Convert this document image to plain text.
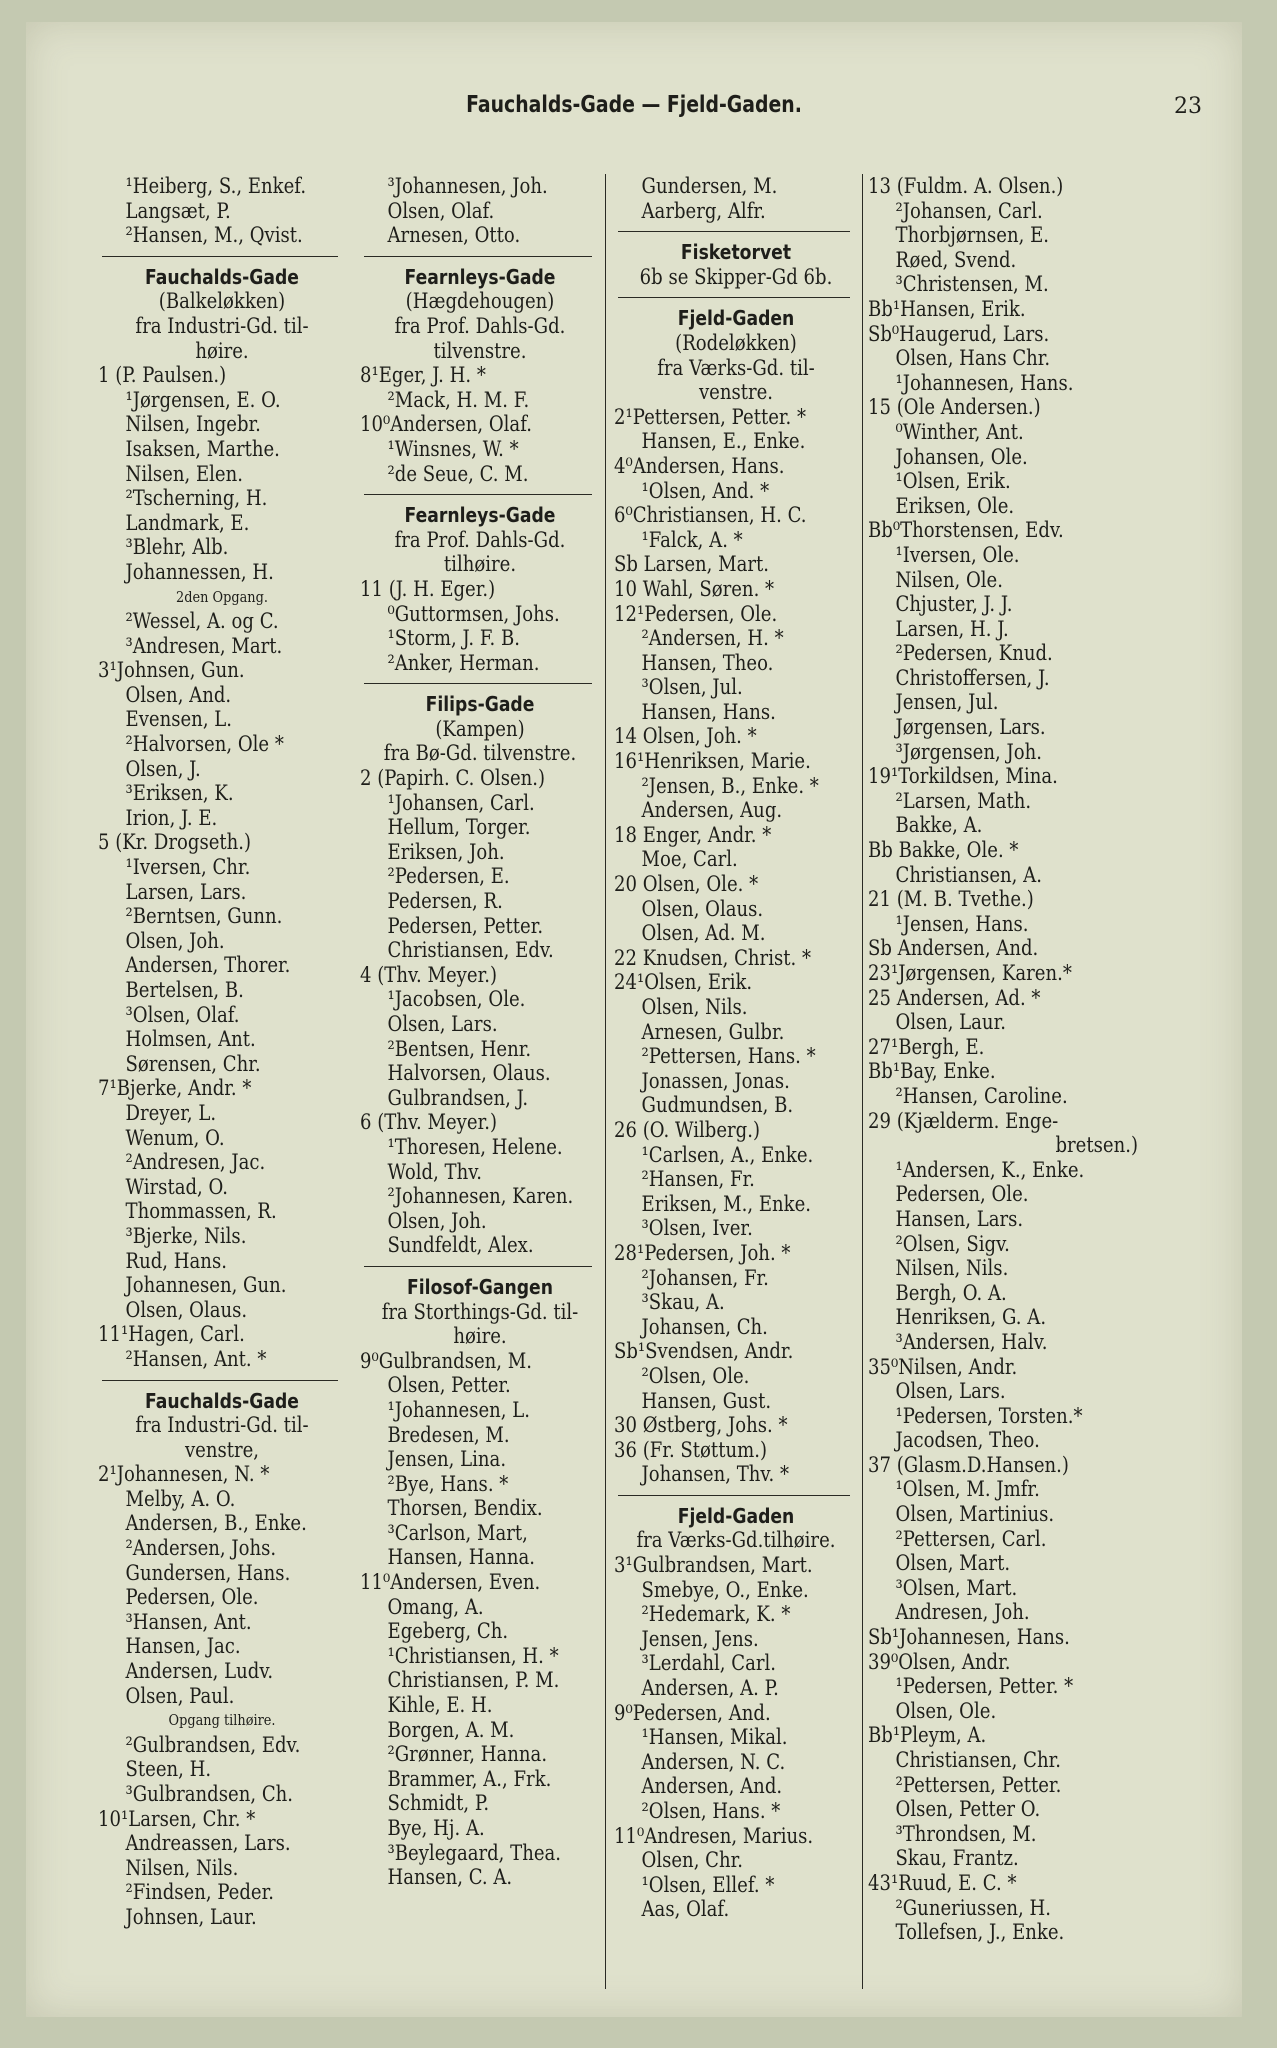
Fauchalds-Gade — Fjeld-Gaden.	23
¹Heiberg, S., Enkef.
Langsæt, P.
²Hansen, M., Qvist.
Fauchalds-Gade
(Balkeløkken)
fra Industri-Gd. til-
høire.
1 (P. Paulsen.)
¹Jørgensen, E. O.
Nilsen, Ingebr.
Isaksen, Marthe.
Nilsen, Elen.
²Tscherning, H.
Landmark, E.
³Blehr, Alb.
Johannessen, H.
2den Opgang.
²Wessel, A. og C.
³Andresen, Mart.
3¹Johnsen, Gun.
Olsen, And.
Evensen, L.
²Halvorsen, Ole *
Olsen, J.
³Eriksen, K.
Irion, J. E.
5 (Kr. Drogseth.)
¹Iversen, Chr.
Larsen, Lars.
²Berntsen, Gunn.
Olsen, Joh.
Andersen, Thorer.
Bertelsen, B.
³Olsen, Olaf.
Holmsen, Ant.
Sørensen, Chr.
7¹Bjerke, Andr. *
Dreyer, L.
Wenum, O.
²Andresen, Jac.
Wirstad, O.
Thommassen, R.
³Bjerke, Nils.
Rud, Hans.
Johannesen, Gun.
Olsen, Olaus.
11¹Hagen, Carl.
²Hansen, Ant. *
Fauchalds-Gade
fra Industri-Gd. til-
venstre,
2¹Johannesen, N. *
Melby, A. O.
Andersen, B., Enke.
²Andersen, Johs.
Gundersen, Hans.
Pedersen, Ole.
³Hansen, Ant.
Hansen, Jac.
Andersen, Ludv.
Olsen, Paul.
Opgang tilhøire.
²Gulbrandsen, Edv.
Steen, H.
³Gulbrandsen, Ch.
10¹Larsen, Chr. *
Andreassen, Lars.
Nilsen, Nils.
²Findsen, Peder.
Johnsen, Laur.
³Johannesen, Joh.
Olsen, Olaf.
Arnesen, Otto.
Fearnleys-Gade
(Hægdehougen)
fra Prof. Dahls-Gd.
tilvenstre.
8¹Eger, J. H. *
²Mack, H. M. F.
10⁰Andersen, Olaf.
¹Winsnes, W. *
²de Seue, C. M.
Fearnleys-Gade
fra Prof. Dahls-Gd.
tilhøire.
11 (J. H. Eger.)
⁰Guttormsen, Johs.
¹Storm, J. F. B.
²Anker, Herman.
Filips-Gade
(Kampen)
fra Bø-Gd. tilvenstre.
2 (Papirh. C. Olsen.)
¹Johansen, Carl.
Hellum, Torger.
Eriksen, Joh.
²Pedersen, E.
Pedersen, R.
Pedersen, Petter.
Christiansen, Edv.
4 (Thv. Meyer.)
¹Jacobsen, Ole.
Olsen, Lars.
²Bentsen, Henr.
Halvorsen, Olaus.
Gulbrandsen, J.
6 (Thv. Meyer.)
¹Thoresen, Helene.
Wold, Thv.
²Johannesen, Karen.
Olsen, Joh.
Sundfeldt, Alex.
Filosof-Gangen
fra Storthings-Gd. til-
høire.
9⁰Gulbrandsen, M.
Olsen, Petter.
¹Johannesen, L.
Bredesen, M.
Jensen, Lina.
²Bye, Hans. *
Thorsen, Bendix.
³Carlson, Mart,
Hansen, Hanna.
11⁰Andersen, Even.
Omang, A.
Egeberg, Ch.
¹Christiansen, H. *
Christiansen, P. M.
Kihle, E. H.
Borgen, A. M.
²Grønner, Hanna.
Brammer, A., Frk.
Schmidt, P.
Bye, Hj. A.
³Beylegaard, Thea.
Hansen, C. A.
Gundersen, M.
Aarberg, Alfr.
Fisketorvet
6b se Skipper-Gd 6b.
Fjeld-Gaden
(Rodeløkken)
fra Værks-Gd. til-
venstre.
2¹Pettersen, Petter. *
Hansen, E., Enke.
4⁰Andersen, Hans.
¹Olsen, And. *
6⁰Christiansen, H. C.
¹Falck, A. *
Sb Larsen, Mart.
10 Wahl, Søren. *
12¹Pedersen, Ole.
²Andersen, H. *
Hansen, Theo.
³Olsen, Jul.
Hansen, Hans.
14 Olsen, Joh. *
16¹Henriksen, Marie.
²Jensen, B., Enke. *
Andersen, Aug.
18 Enger, Andr. *
Moe, Carl.
20 Olsen, Ole. *
Olsen, Olaus.
Olsen, Ad. M.
22 Knudsen, Christ. *
24¹Olsen, Erik.
Olsen, Nils.
Arnesen, Gulbr.
²Pettersen, Hans. *
Jonassen, Jonas.
Gudmundsen, B.
26 (O. Wilberg.)
¹Carlsen, A., Enke.
²Hansen, Fr.
Eriksen, M., Enke.
³Olsen, Iver.
28¹Pedersen, Joh. *
²Johansen, Fr.
³Skau, A.
Johansen, Ch.
Sb¹Svendsen, Andr.
²Olsen, Ole.
Hansen, Gust.
30 Østberg, Johs. *
36 (Fr. Støttum.)
Johansen, Thv. *
Fjeld-Gaden
fra Værks-Gd.tilhøire.
3¹Gulbrandsen, Mart.
Smebye, O., Enke.
²Hedemark, K. *
Jensen, Jens.
³Lerdahl, Carl.
Andersen, A. P.
9⁰Pedersen, And.
¹Hansen, Mikal.
Andersen, N. C.
Andersen, And.
²Olsen, Hans. *
11⁰Andresen, Marius.
Olsen, Chr.
¹Olsen, Ellef. *
Aas, Olaf.
13 (Fuldm. A. Olsen.)
²Johansen, Carl.
Thorbjørnsen, E.
Røed, Svend.
³Christensen, M.
Bb¹Hansen, Erik.
Sb⁰Haugerud, Lars.
Olsen, Hans Chr.
¹Johannesen, Hans.
15 (Ole Andersen.)
⁰Winther, Ant.
Johansen, Ole.
¹Olsen, Erik.
Eriksen, Ole.
Bb⁰Thorstensen, Edv.
¹Iversen, Ole.
Nilsen, Ole.
Chjuster, J. J.
Larsen, H. J.
²Pedersen, Knud.
Christoffersen, J.
Jensen, Jul.
Jørgensen, Lars.
³Jørgensen, Joh.
19¹Torkildsen, Mina.
²Larsen, Math.
Bakke, A.
Bb Bakke, Ole. *
Christiansen, A.
21 (M. B. Tvethe.)
¹Jensen, Hans.
Sb Andersen, And.
23¹Jørgensen, Karen.*
25 Andersen, Ad. *
Olsen, Laur.
27¹Bergh, E.
Bb¹Bay, Enke.
²Hansen, Caroline.
29 (Kjælderm. Enge-
bretsen.)
¹Andersen, K., Enke.
Pedersen, Ole.
Hansen, Lars.
²Olsen, Sigv.
Nilsen, Nils.
Bergh, O. A.
Henriksen, G. A.
³Andersen, Halv.
35⁰Nilsen, Andr.
Olsen, Lars.
¹Pedersen, Torsten.*
Jacodsen, Theo.
37 (Glasm.D.Hansen.)
¹Olsen, M. Jmfr.
Olsen, Martinius.
²Pettersen, Carl.
Olsen, Mart.
³Olsen, Mart.
Andresen, Joh.
Sb¹Johannesen, Hans.
39⁰Olsen, Andr.
¹Pedersen, Petter. *
Olsen, Ole.
Bb¹Pleym, A.
Christiansen, Chr.
²Pettersen, Petter.
Olsen, Petter O.
³Throndsen, M.
Skau, Frantz.
43¹Ruud, E. C. *
²Guneriussen, H.
Tollefsen, J., Enke.
